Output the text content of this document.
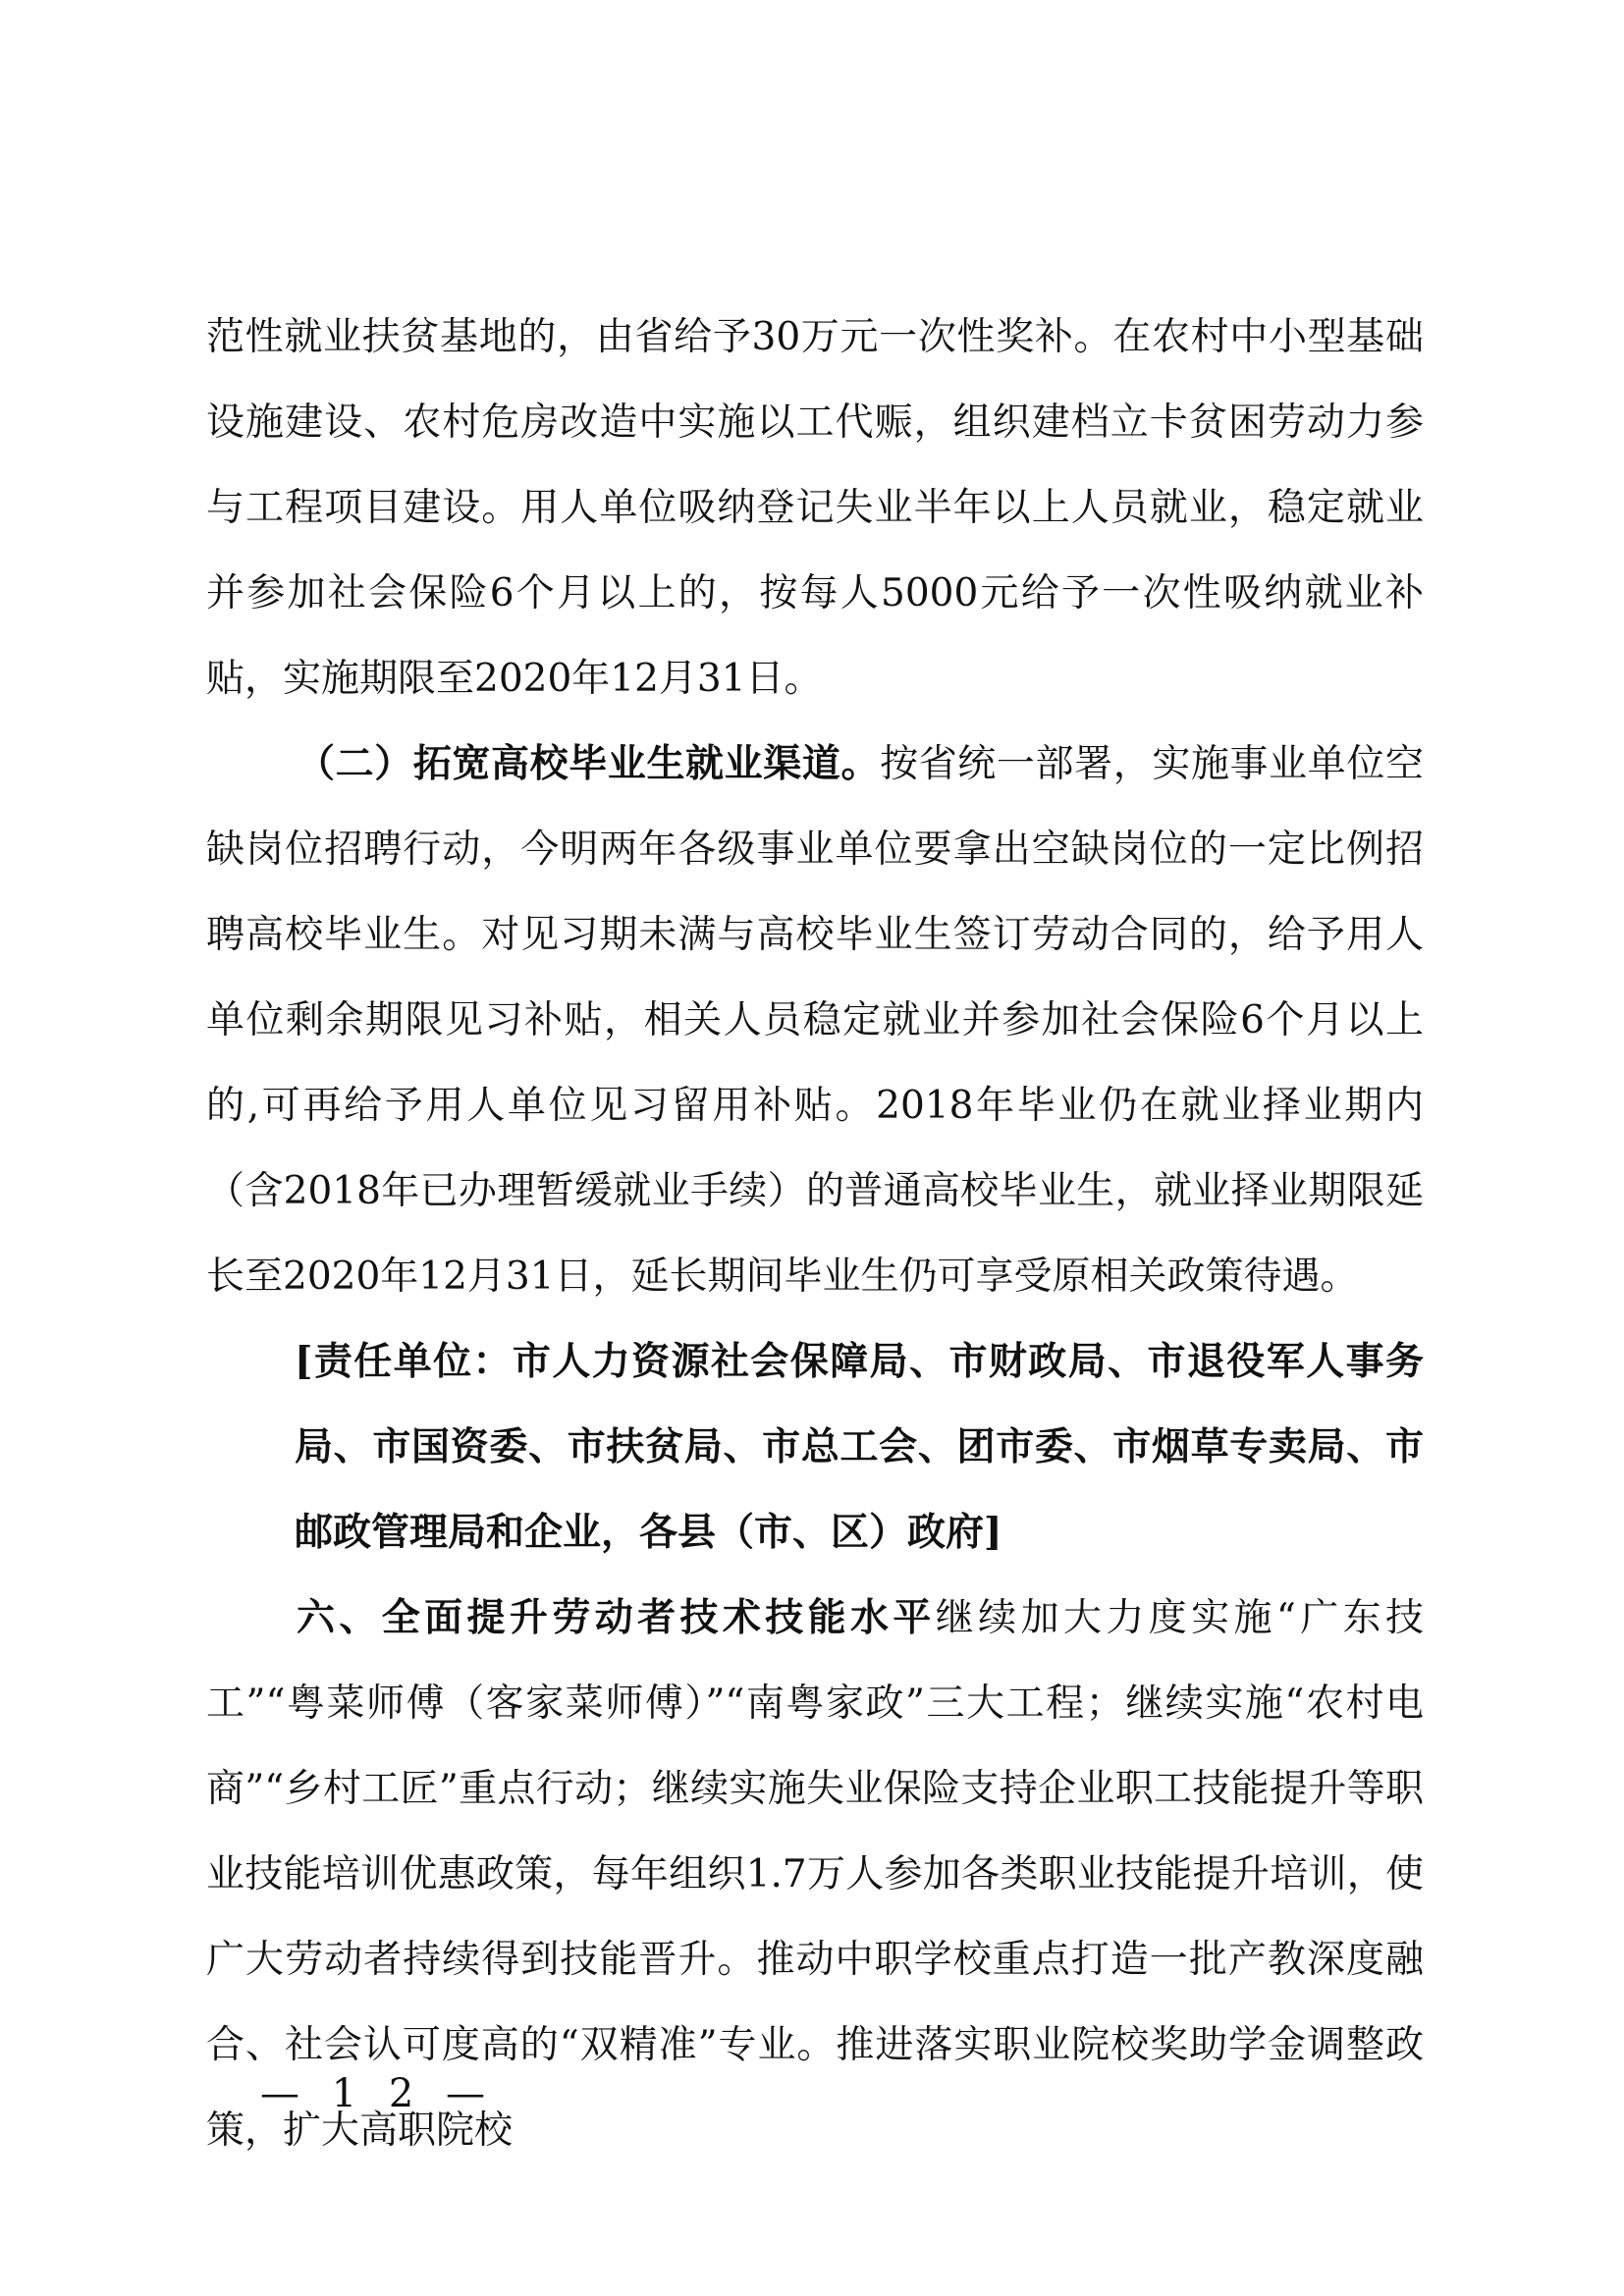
范性就业扶贫基地的，由省给予30万元一次性奖补。在农村中小型基础设施建设、农村危房改造中实施以工代赈，组织建档立卡贫困劳动力参与工程项目建设。用人单位吸纳登记失业半年以上人员就业，稳定就业并参加社会保险6个月以上的，按每人5000元给予一次性吸纳就业补贴，实施期限至2020年12月31日。

（二）拓宽高校毕业生就业渠道。按省统一部署，实施事业单位空缺岗位招聘行动，今明两年各级事业单位要拿出空缺岗位的一定比例招聘高校毕业生。对见习期未满与高校毕业生签订劳动合同的，给予用人单位剩余期限见习补贴，相关人员稳定就业并参加社会保险6个月以上的,可再给予用人单位见习留用补贴。2018年毕业仍在就业择业期内（含2018年已办理暂缓就业手续）的普通高校毕业生，就业择业期限延长至2020年12月31日，延长期间毕业生仍可享受原相关政策待遇。

[责任单位：市人力资源社会保障局、市财政局、市退役军人事务局、市国资委、市扶贫局、市总工会、团市委、市烟草专卖局、市邮政管理局和企业，各县（市、区）政府]

六、全面提升劳动者技术技能水平继续加大力度实施“广东技工”“粤菜师傅（客家菜师傅）”“南粤家政”三大工程；继续实施“农村电商”“乡村工匠”重点行动；继续实施失业保险支持企业职工技能提升等职业技能培训优惠政策，每年组织1.7万人参加各类职业技能提升培训，使广大劳动者持续得到技能晋升。推动中职学校重点打造一批产教深度融合、社会认可度高的“双精准”专业。推进落实职业院校奖助学金调整政策，扩大高职院校

— 1 2 —
